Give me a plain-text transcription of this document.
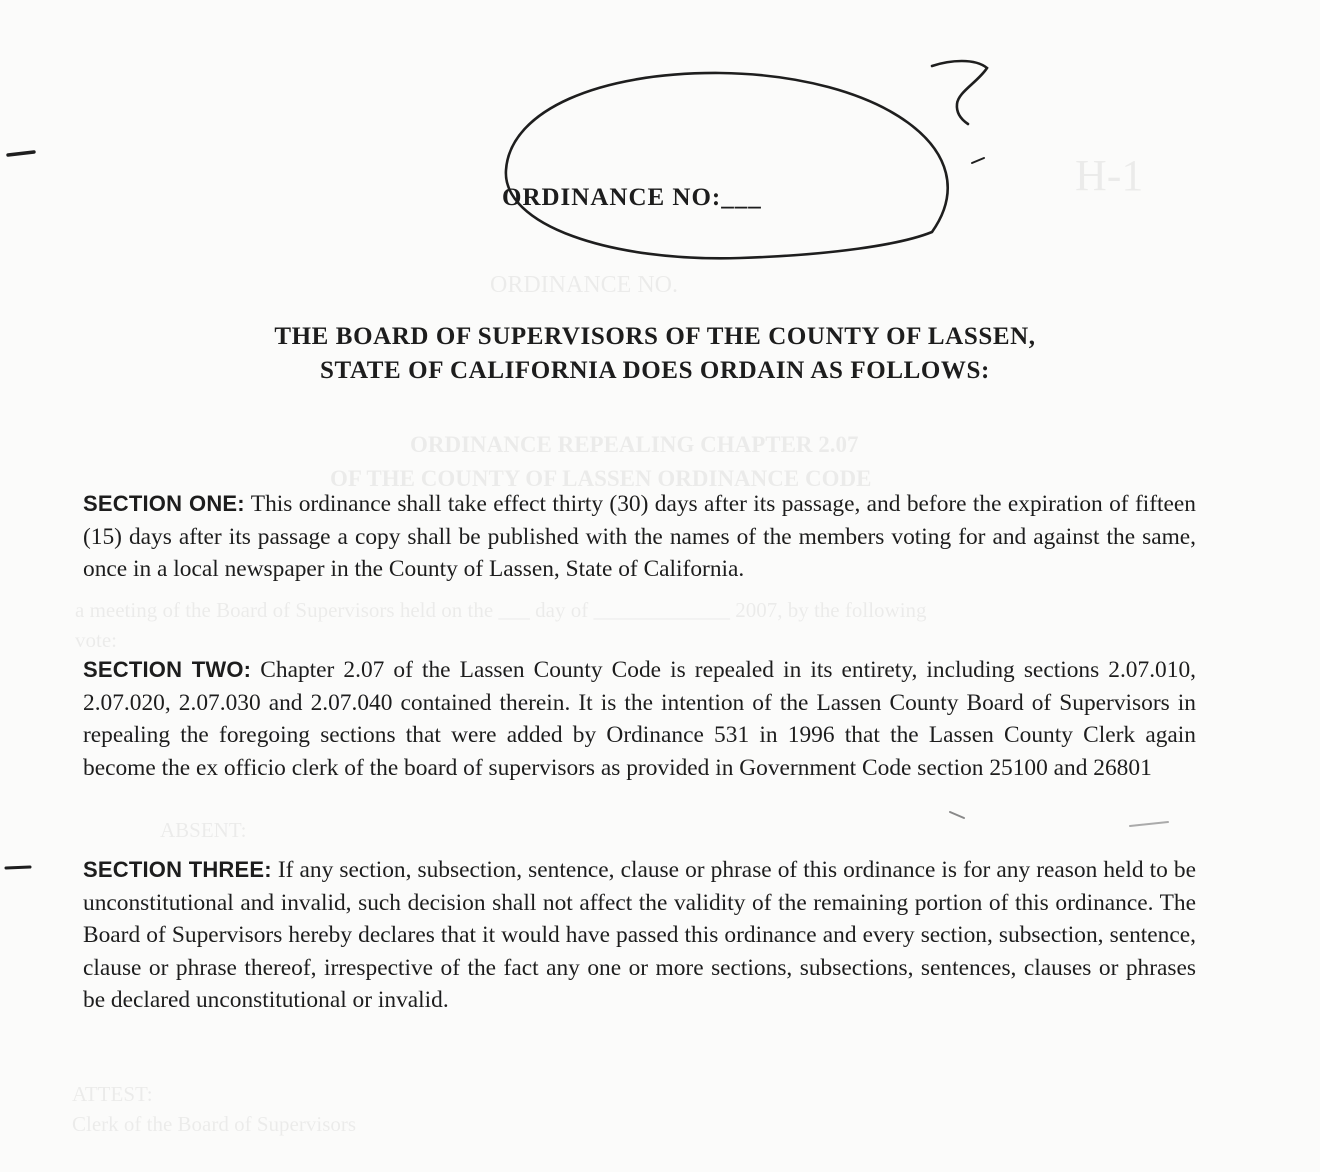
H-1
ORDINANCE NO.
ORDINANCE REPEALING CHAPTER 2.07
OF THE COUNTY OF LASSEN ORDINANCE CODE
a meeting of the Board of Supervisors held on the ___ day of _____________ 2007, by the following
vote:
ABSENT:
ATTEST:
Clerk of the Board of Supervisors
ORDINANCE NO:___
THE BOARD OF SUPERVISORS OF THE COUNTY OF LASSEN,
STATE OF CALIFORNIA DOES ORDAIN AS FOLLOWS:
SECTION ONE: This ordinance shall take effect thirty (30) days after its passage, and before the expiration of fifteen (15) days after its passage a copy shall be published with the names of the members voting for and against the same, once in a local newspaper in the County of Lassen, State of California.
SECTION TWO: Chapter 2.07 of the Lassen County Code is repealed in its entirety, including sections 2.07.010, 2.07.020, 2.07.030 and 2.07.040 contained therein. It is the intention of the Lassen County Board of Supervisors in repealing the foregoing sections that were added by Ordinance 531 in 1996 that the Lassen County Clerk again become the ex officio clerk of the board of supervisors as provided in Government Code section 25100 and 26801
SECTION THREE: If any section, subsection, sentence, clause or phrase of this ordinance is for any reason held to be unconstitutional and invalid, such decision shall not affect the validity of the remaining portion of this ordinance. The Board of Supervisors hereby declares that it would have passed this ordinance and every section, subsection, sentence, clause or phrase thereof, irrespective of the fact any one or more sections, subsections, sentences, clauses or phrases be declared unconstitutional or invalid.
